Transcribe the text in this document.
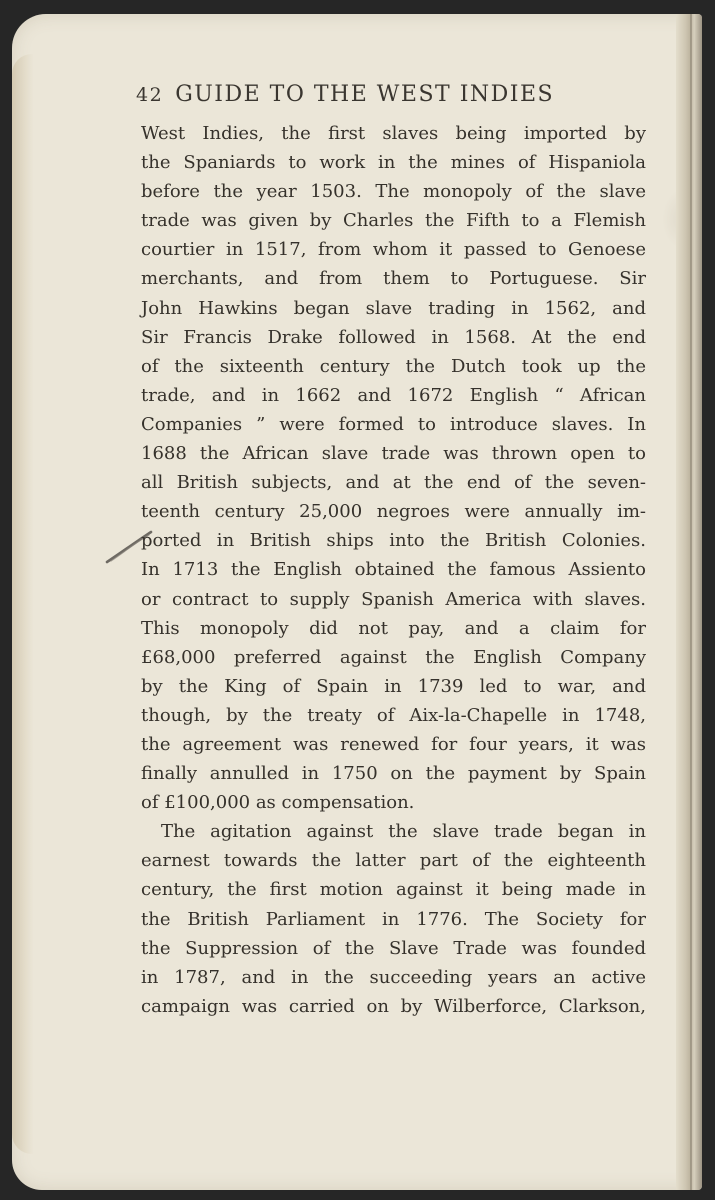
42 GUIDE TO THE WEST INDIES
West Indies, the first slaves being imported by
the Spaniards to work in the mines of Hispaniola
before the year 1503. The monopoly of the slave
trade was given by Charles the Fifth to a Flemish
courtier in 1517, from whom it passed to Genoese
merchants, and from them to Portuguese. Sir
John Hawkins began slave trading in 1562, and
Sir Francis Drake followed in 1568. At the end
of the sixteenth century the Dutch took up the
trade, and in 1662 and 1672 English “ African
Companies ” were formed to introduce slaves. In
1688 the African slave trade was thrown open to
all British subjects, and at the end of the seven-
teenth century 25,000 negroes were annually im-
ported in British ships into the British Colonies.
In 1713 the English obtained the famous Assiento
or contract to supply Spanish America with slaves.
This monopoly did not pay, and a claim for
£68,000 preferred against the English Company
by the King of Spain in 1739 led to war, and
though, by the treaty of Aix-la-Chapelle in 1748,
the agreement was renewed for four years, it was
finally annulled in 1750 on the payment by Spain
of £100,000 as compensation.
The agitation against the slave trade began in
earnest towards the latter part of the eighteenth
century, the first motion against it being made in
the British Parliament in 1776. The Society for
the Suppression of the Slave Trade was founded
in 1787, and in the succeeding years an active
campaign was carried on by Wilberforce, Clarkson,
